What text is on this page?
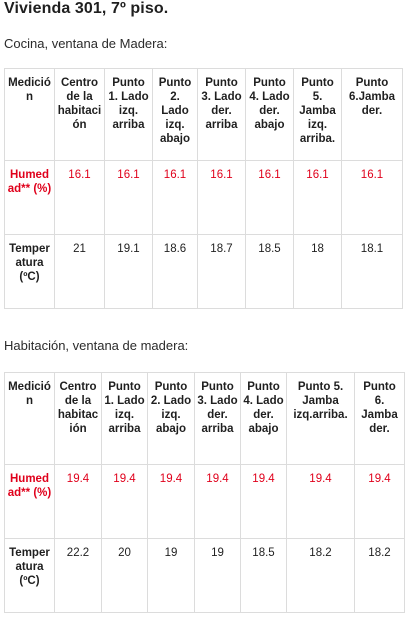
Vivienda 301, 7º piso.
Cocina, ventana de Madera:
Medición	Centro de la habitación	Punto 1. Lado izq. arriba	Punto 2. Lado izq. abajo	Punto 3. Lado der. arriba	Punto 4. Lado der. abajo	Punto 5. Jamba izq. arriba.	Punto 6.Jamba der.
Humedad** (%)	16.1	16.1	16.1	16.1	16.1	16.1	16.1
Temperatura (ºC)	21	19.1	18.6	18.7	18.5	18	18.1
Habitación, ventana de madera:
Medición	Centro de la habitación	Punto 1. Lado izq. arriba	Punto 2. Lado izq. abajo	Punto 3. Lado der. arriba	Punto 4. Lado der. abajo	Punto 5. Jamba izq.arriba.	Punto 6. Jamba der.
Humedad** (%)	19.4	19.4	19.4	19.4	19.4	19.4	19.4
Temperatura (ºC)	22.2	20	19	19	18.5	18.2	18.2
